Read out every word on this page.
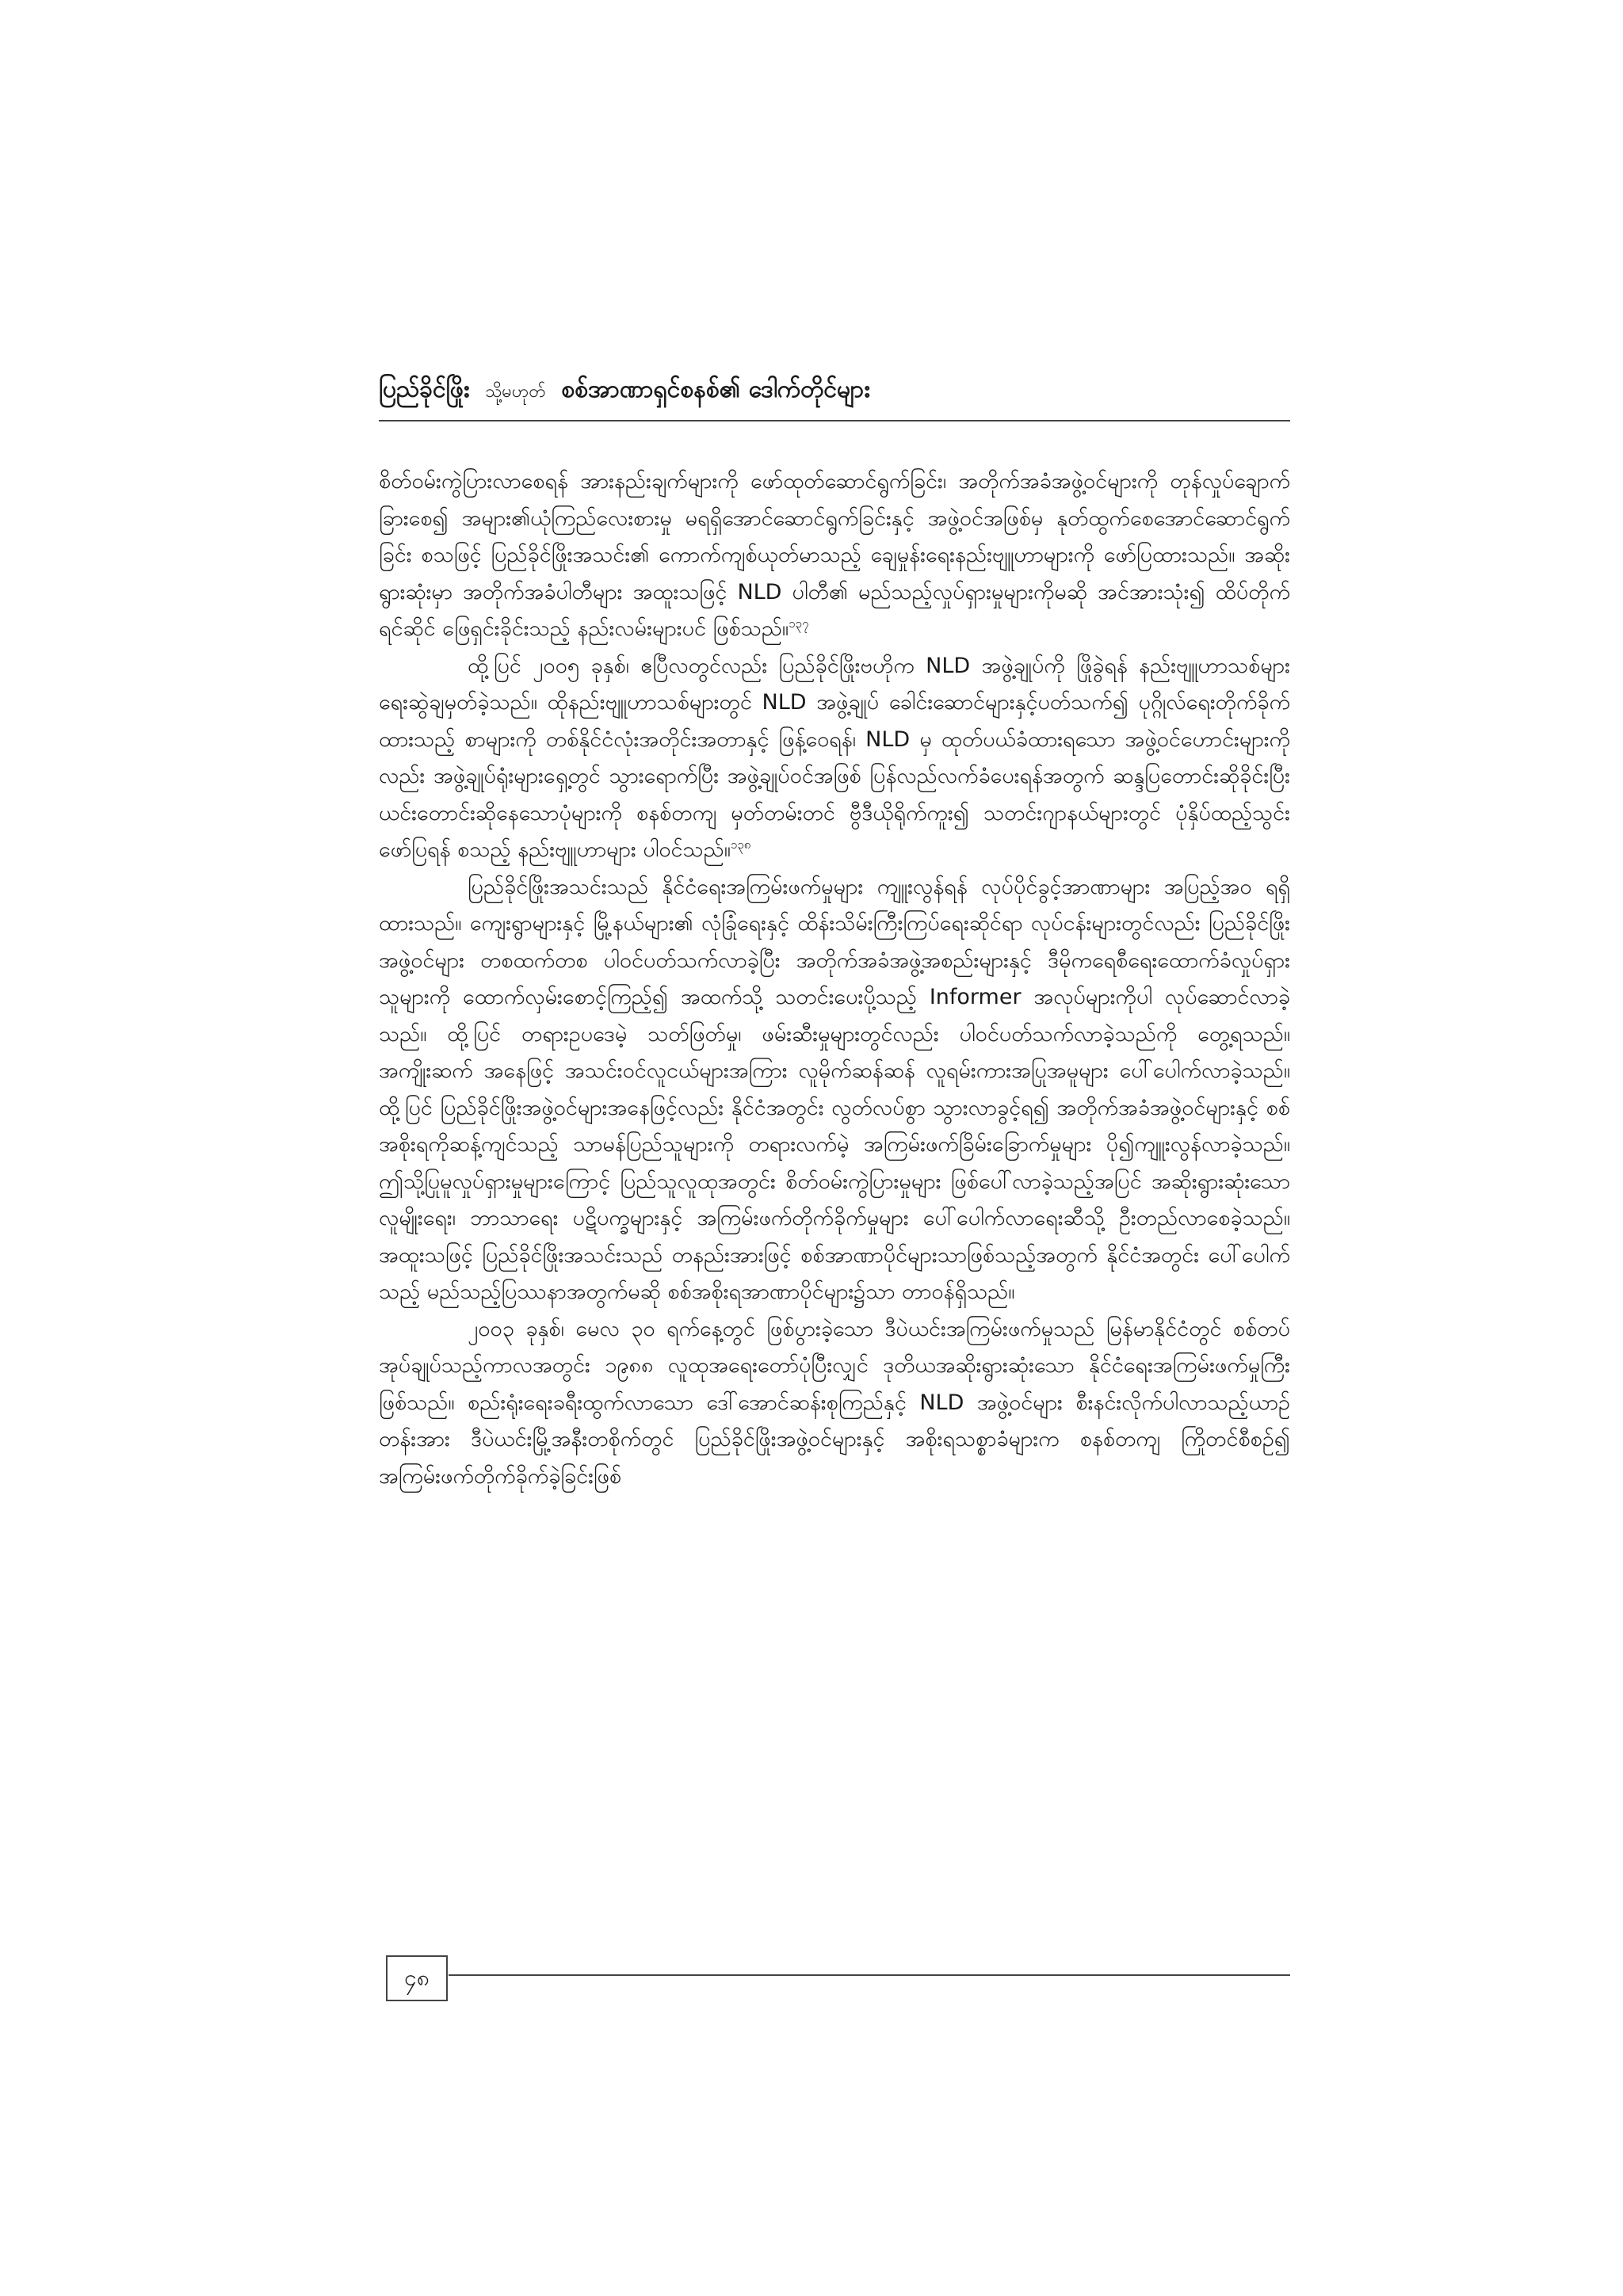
ပြည်ခိုင်ဖြိုး သို့မဟုတ် စစ်အာဏာရှင်စနစ်၏ ဒေါက်တိုင်များ

စိတ်ဝမ်းကွဲပြားလာစေရန် အားနည်းချက်များကို ဖော်ထုတ်ဆောင်ရွက်ခြင်း၊ အတိုက်အခံအဖွဲ့ဝင်များကို တုန်လှုပ်ချောက်ခြားစေ၍ အများ၏ယုံကြည်လေးစားမှု မရရှိအောင်ဆောင်ရွက်ခြင်းနှင့် အဖွဲ့ဝင်အဖြစ်မှ နုတ်ထွက်စေအောင်ဆောင်ရွက်ခြင်း စသဖြင့် ပြည်ခိုင်ဖြိုးအသင်း၏ ကောက်ကျစ်ယုတ်မာသည့် ချေမှုန်းရေးနည်းဗျူဟာများကို ဖော်ပြထားသည်။ အဆိုးရွားဆုံးမှာ အတိုက်အခံပါတီများ အထူးသဖြင့် NLD ပါတီ၏ မည်သည့်လှုပ်ရှားမှုများကိုမဆို အင်အားသုံး၍ ထိပ်တိုက်ရင်ဆိုင် ဖြေရှင်းခိုင်းသည့် နည်းလမ်းများပင် ဖြစ်သည်။$^{၁၃၇}$

ထို့ပြင် ၂၀၀၅ ခုနှစ်၊ ဧပြီလတွင်လည်း ပြည်ခိုင်ဖြိုးဗဟိုက NLD အဖွဲ့ချုပ်ကို ဖြိုခွဲရန် နည်းဗျူဟာသစ်များ ရေးဆွဲချမှတ်ခဲ့သည်။ ထိုနည်းဗျူဟာသစ်များတွင် NLD အဖွဲ့ချုပ် ခေါင်းဆောင်များနှင့်ပတ်သက်၍ ပုဂ္ဂိုလ်ရေးတိုက်ခိုက်ထားသည့် စာများကို တစ်နိုင်ငံလုံးအတိုင်းအတာနှင့် ဖြန့်ဝေရန်၊ NLD မှ ထုတ်ပယ်ခံထားရသော အဖွဲ့ဝင်ဟောင်းများကိုလည်း အဖွဲ့ချုပ်ရုံးများရှေ့တွင် သွားရောက်ပြီး အဖွဲ့ချုပ်ဝင်အဖြစ် ပြန်လည်လက်ခံပေးရန်အတွက် ဆန္ဒပြတောင်းဆိုခိုင်းပြီး ယင်းတောင်းဆိုနေသောပုံများကို စနစ်တကျ မှတ်တမ်းတင် ဗွီဒီယိုရိုက်ကူး၍ သတင်းဂျာနယ်များတွင် ပုံနှိပ်ထည့်သွင်းဖော်ပြရန် စသည့် နည်းဗျူဟာများ ပါဝင်သည်။$^{၁၃၈}$

ပြည်ခိုင်ဖြိုးအသင်းသည် နိုင်ငံရေးအကြမ်းဖက်မှုများ ကျူးလွန်ရန် လုပ်ပိုင်ခွင့်အာဏာများ အပြည့်အဝ ရရှိထားသည်။ ကျေးရွာများနှင့် မြို့နယ်များ၏ လုံခြုံရေးနှင့် ထိန်းသိမ်းကြီးကြပ်ရေးဆိုင်ရာ လုပ်ငန်းများတွင်လည်း ပြည်ခိုင်ဖြိုးအဖွဲ့ဝင်များ တစထက်တစ ပါဝင်ပတ်သက်လာခဲ့ပြီး အတိုက်အခံအဖွဲ့အစည်းများနှင့် ဒီမိုကရေစီရေးထောက်ခံလှုပ်ရှားသူများကို ထောက်လှမ်းစောင့်ကြည့်၍ အထက်သို့ သတင်းပေးပို့သည့် Informer အလုပ်များကိုပါ လုပ်ဆောင်လာခဲ့သည်။ ထို့ပြင် တရားဥပဒေမဲ့ သတ်ဖြတ်မှု၊ ဖမ်းဆီးမှုများတွင်လည်း ပါဝင်ပတ်သက်လာခဲ့သည်ကို တွေ့ရသည်။ အကျိုးဆက် အနေဖြင့် အသင်းဝင်လူငယ်များအကြား လူမိုက်ဆန်ဆန် လူရမ်းကားအပြုအမူများ ပေါ်ပေါက်လာခဲ့သည်။ ထို့ပြင် ပြည်ခိုင်ဖြိုးအဖွဲ့ဝင်များအနေဖြင့်လည်း နိုင်ငံအတွင်း လွတ်လပ်စွာ သွားလာခွင့်ရ၍ အတိုက်အခံအဖွဲ့ဝင်များနှင့် စစ်အစိုးရကိုဆန့်ကျင်သည့် သာမန်ပြည်သူများကို တရားလက်မဲ့ အကြမ်းဖက်ခြိမ်းခြောက်မှုများ ပို၍ကျူးလွန်လာခဲ့သည်။ ဤသို့ပြုမူလှုပ်ရှားမှုများကြောင့် ပြည်သူလူထုအတွင်း စိတ်ဝမ်းကွဲပြားမှုများ ဖြစ်ပေါ်လာခဲ့သည့်အပြင် အဆိုးရွားဆုံးသော လူမျိုးရေး၊ ဘာသာရေး ပဋိပက္ခများနှင့် အကြမ်းဖက်တိုက်ခိုက်မှုများ ပေါ်ပေါက်လာရေးဆီသို့ ဦးတည်လာစေခဲ့သည်။ အထူးသဖြင့် ပြည်ခိုင်ဖြိုးအသင်းသည် တနည်းအားဖြင့် စစ်အာဏာပိုင်များသာဖြစ်သည့်အတွက် နိုင်ငံအတွင်း ပေါ်ပေါက်သည့် မည်သည့်ပြဿနာအတွက်မဆို စစ်အစိုးရအာဏာပိုင်များ၌သာ တာဝန်ရှိသည်။

၂၀၀၃ ခုနှစ်၊ မေလ ၃၀ ရက်နေ့တွင် ဖြစ်ပွားခဲ့သော ဒီပဲယင်းအကြမ်းဖက်မှုသည် မြန်မာနိုင်ငံတွင် စစ်တပ်အုပ်ချုပ်သည့်ကာလအတွင်း ၁၉၈၈ လူထုအရေးတော်ပုံပြီးလျှင် ဒုတိယအဆိုးရွားဆုံးသော နိုင်ငံရေးအကြမ်းဖက်မှုကြီးဖြစ်သည်။ စည်းရုံးရေးခရီးထွက်လာသော ဒေါ်အောင်ဆန်းစုကြည်နှင့် NLD အဖွဲ့ဝင်များ စီးနင်းလိုက်ပါလာသည့်ယာဉ်တန်းအား ဒီပဲယင်းမြို့အနီးတစိုက်တွင် ပြည်ခိုင်ဖြိုးအဖွဲ့ဝင်များနှင့် အစိုးရသစ္စာခံများက စနစ်တကျ ကြိုတင်စီစဉ်၍ အကြမ်းဖက်တိုက်ခိုက်ခဲ့ခြင်းဖြစ်

၄၈
